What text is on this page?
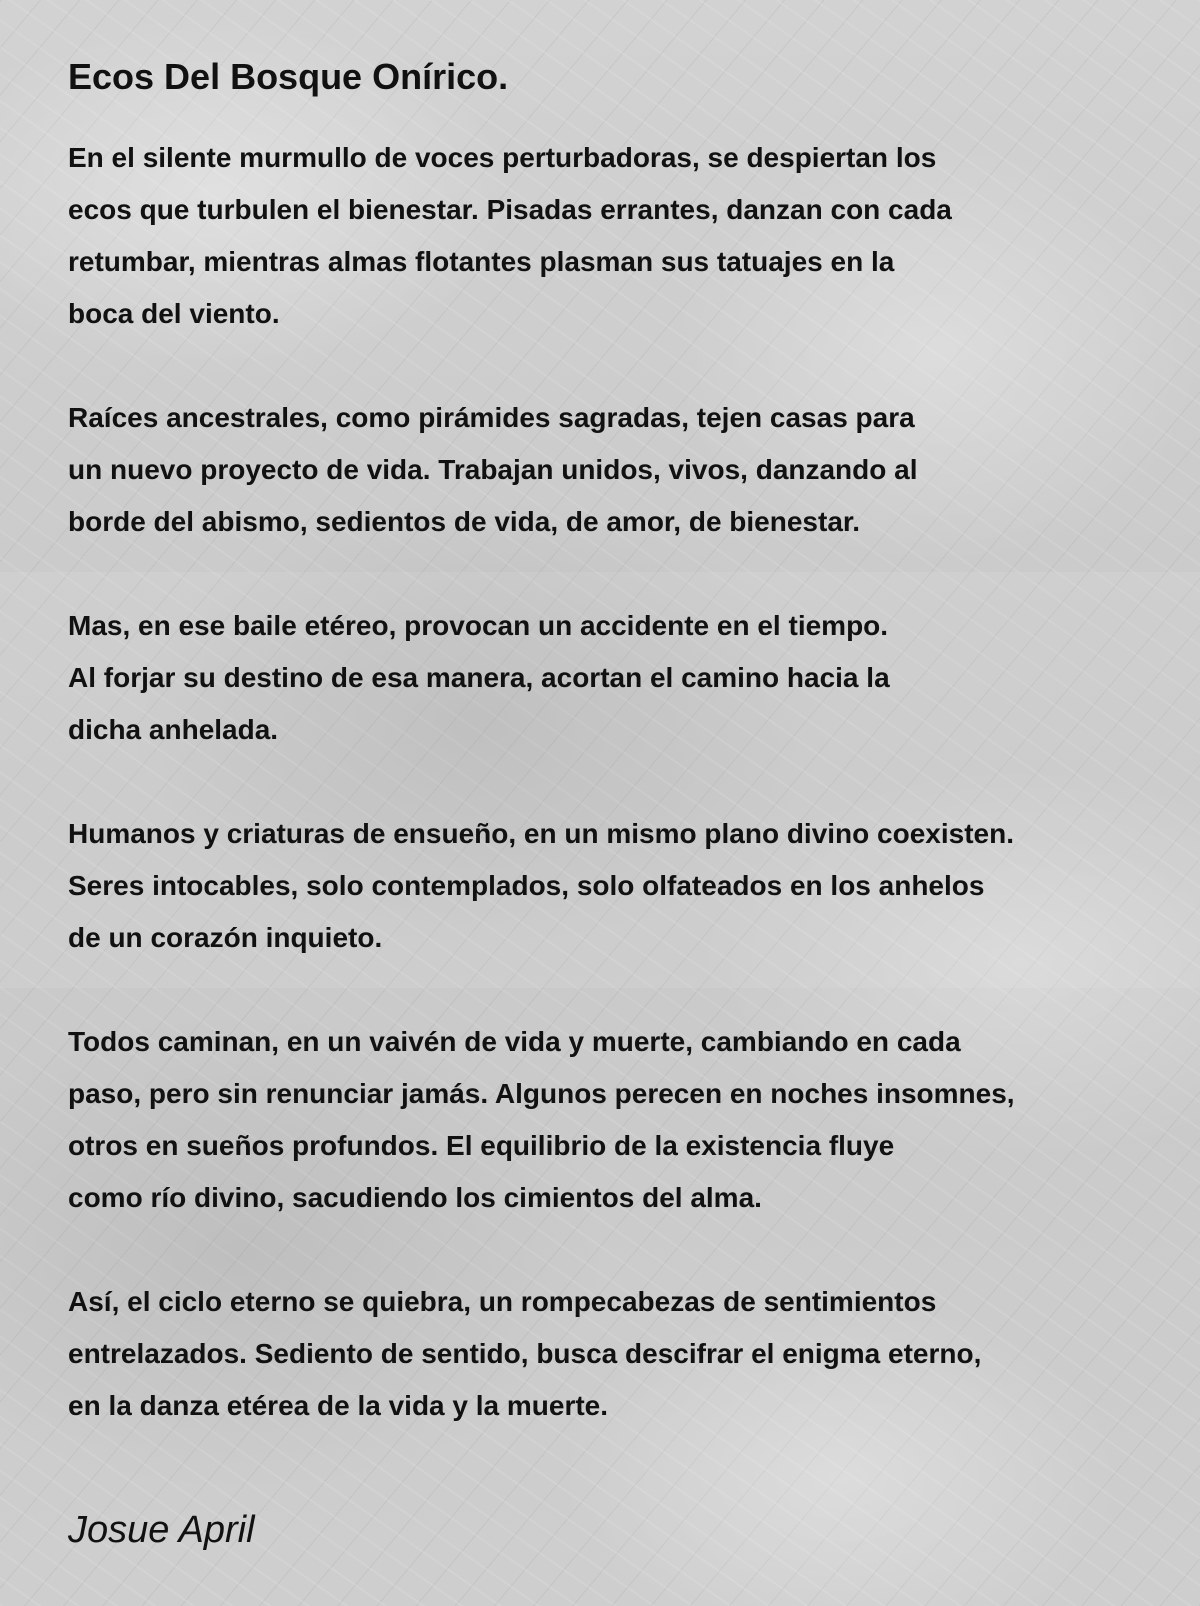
Ecos Del Bosque Onírico.
En el silente murmullo de voces perturbadoras, se despiertan los
ecos que turbulen el bienestar. Pisadas errantes, danzan con cada
retumbar, mientras almas flotantes plasman sus tatuajes en la
boca del viento.
Raíces ancestrales, como pirámides sagradas, tejen casas para
un nuevo proyecto de vida. Trabajan unidos, vivos, danzando al
borde del abismo, sedientos de vida, de amor, de bienestar.
Mas, en ese baile etéreo, provocan un accidente en el tiempo.
Al forjar su destino de esa manera, acortan el camino hacia la
dicha anhelada.
Humanos y criaturas de ensueño, en un mismo plano divino coexisten.
Seres intocables, solo contemplados, solo olfateados en los anhelos
de un corazón inquieto.
Todos caminan, en un vaivén de vida y muerte, cambiando en cada
paso, pero sin renunciar jamás. Algunos perecen en noches insomnes,
otros en sueños profundos. El equilibrio de la existencia fluye
como río divino, sacudiendo los cimientos del alma.
Así, el ciclo eterno se quiebra, un rompecabezas de sentimientos
entrelazados. Sediento de sentido, busca descifrar el enigma eterno,
en la danza etérea de la vida y la muerte.
Josue April
